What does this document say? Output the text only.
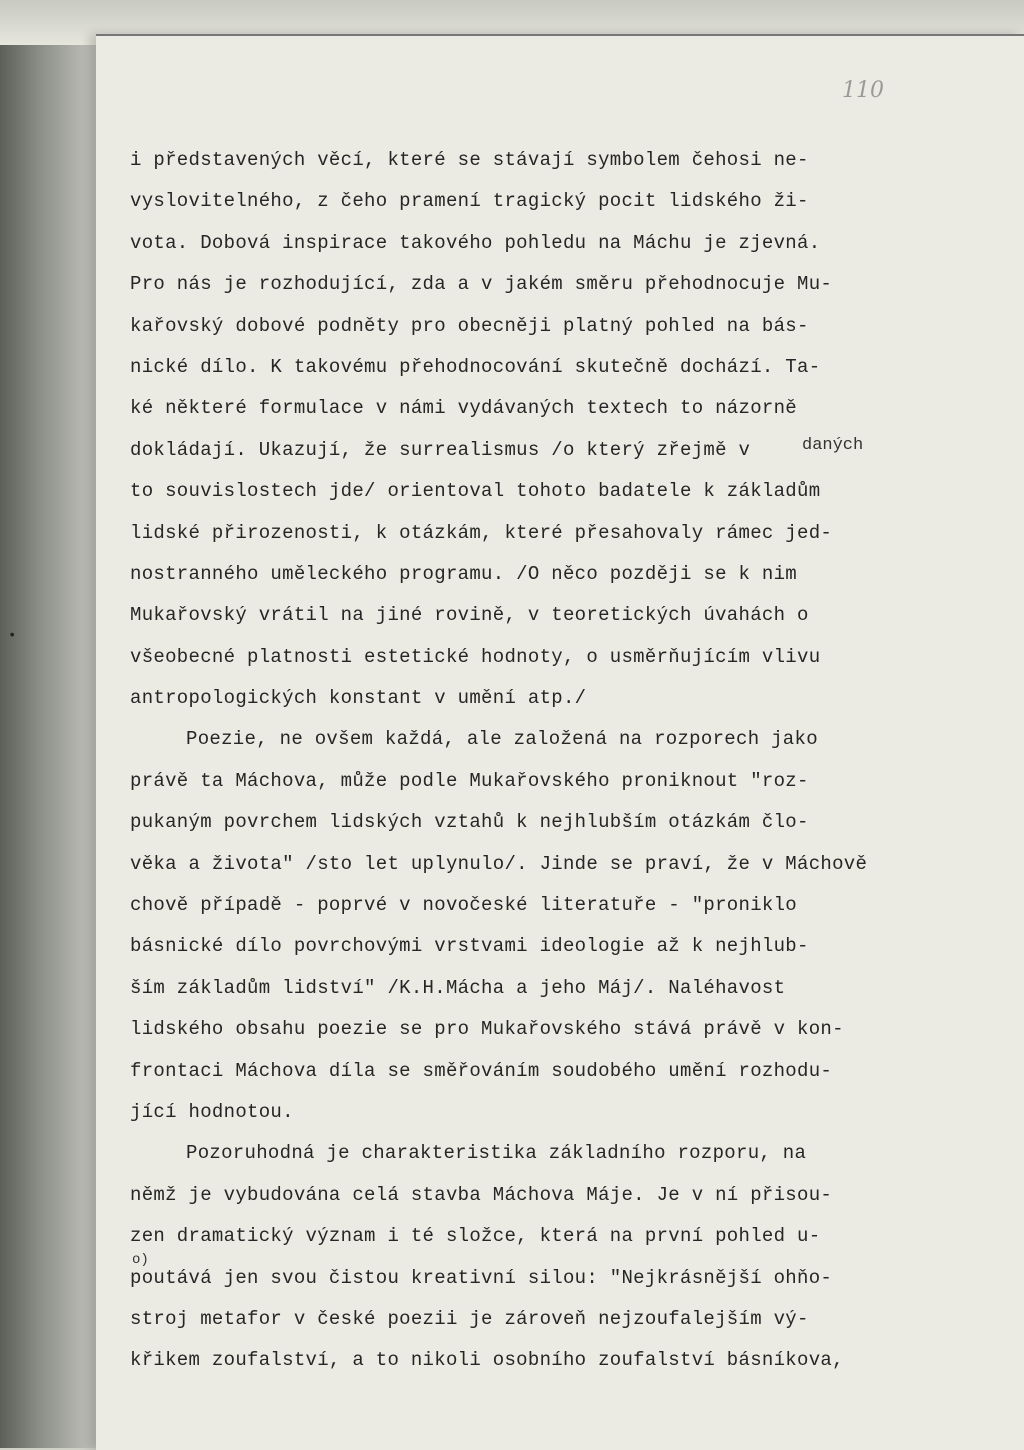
110
•
daných
o)
i představených věcí, které se stávají symbolem čehosi ne-
vyslovitelného, z čeho pramení tragický pocit lidského ži-
vota. Dobová inspirace takového pohledu na Máchu je zjevná.
Pro nás je rozhodující, zda a v jakém směru přehodnocuje Mu-
kařovský dobové podněty pro obecněji platný pohled na bás-
nické dílo. K takovému přehodnocování skutečně dochází. Ta-
ké některé formulace v námi vydávaných textech to názorně
dokládají. Ukazují, že surrealismus /o který zřejmě v
to souvislostech jde/ orientoval tohoto badatele k základům
lidské přirozenosti, k otázkám, které přesahovaly rámec jed-
nostranného uměleckého programu. /O něco později se k nim
Mukařovský vrátil na jiné rovině, v teoretických úvahách o
všeobecné platnosti estetické hodnoty, o usměrňujícím vlivu
antropologických konstant v umění atp./
Poezie, ne ovšem každá, ale založená na rozporech jako
právě ta Máchova, může podle Mukařovského proniknout "roz-
pukaným povrchem lidských vztahů k nejhlubším otázkám člo-
věka a života" /sto let uplynulo/. Jinde se praví, že v Máchově
chově případě - poprvé v novočeské literatuře - "proniklo
básnické dílo povrchovými vrstvami ideologie až k nejhlub-
ším základům lidství" /K.H.Mácha a jeho Máj/. Naléhavost
lidského obsahu poezie se pro Mukařovského stává právě v kon-
frontaci Máchova díla se směřováním soudobého umění rozhodu-
jící hodnotou.
Pozoruhodná je charakteristika základního rozporu, na
němž je vybudována celá stavba Máchova Máje. Je v ní přisou-
zen dramatický význam i té složce, která na první pohled u-
poutává jen svou čistou kreativní silou: "Nejkrásnější ohňo-
stroj metafor v české poezii je zároveň nejzoufalejším vý-
křikem zoufalství, a to nikoli osobního zoufalství básníkova,
